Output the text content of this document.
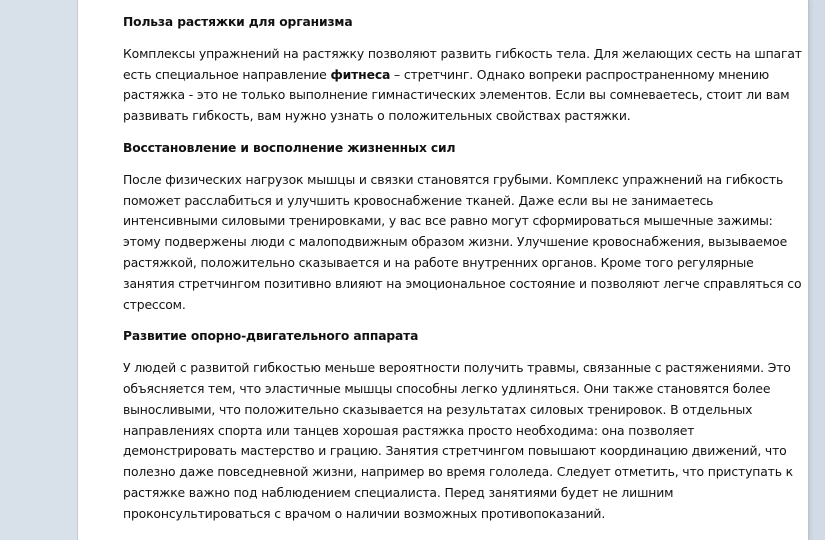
Польза растяжки для организма

Комплексы упражнений на растяжку позволяют развить гибкость тела. Для желающих сесть на шпагат есть специальное направление фитнеса – стретчинг. Однако вопреки распространенному мнению растяжка - это не только выполнение гимнастических элементов. Если вы сомневаетесь, стоит ли вам развивать гибкость, вам нужно узнать о положительных свойствах растяжки.

Восстановление и восполнение жизненных сил

После физических нагрузок мышцы и связки становятся грубыми. Комплекс упражнений на гибкость поможет расслабиться и улучшить кровоснабжение тканей. Даже если вы не занимаетесь интенсивными силовыми тренировками, у вас все равно могут сформироваться мышечные зажимы: этому подвержены люди с малоподвижным образом жизни. Улучшение кровоснабжения, вызываемое растяжкой, положительно сказывается и на работе внутренних органов. Кроме того регулярные занятия стретчингом позитивно влияют на эмоциональное состояние и позволяют легче справляться со стрессом.

Развитие опорно-двигательного аппарата

У людей с развитой гибкостью меньше вероятности получить травмы, связанные с растяжениями. Это объясняется тем, что эластичные мышцы способны легко удлиняться. Они также становятся более выносливыми, что положительно сказывается на результатах силовых тренировок. В отдельных направлениях спорта или танцев хорошая растяжка просто необходима: она позволяет демонстрировать мастерство и грацию. Занятия стретчингом повышают координацию движений, что полезно даже повседневной жизни, например во время гололеда. Следует отметить, что приступать к растяжке важно под наблюдением специалиста. Перед занятиями будет не лишним проконсультироваться с врачом о наличии возможных противопоказаний.
